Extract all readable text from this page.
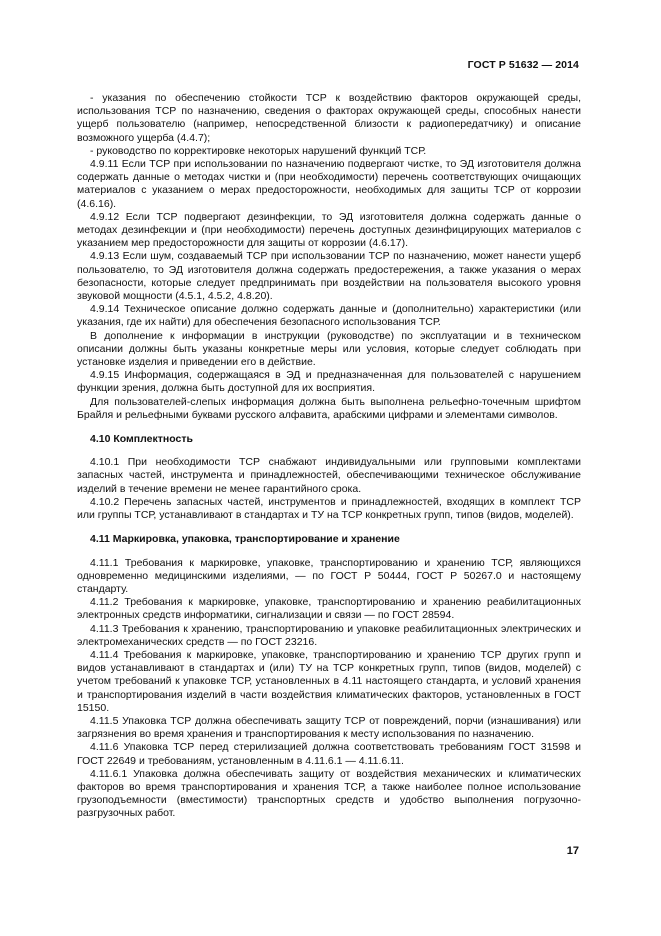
ГОСТ Р 51632 — 2014

- указания по обеспечению стойкости ТСР к воздействию факторов окружающей среды, использования ТСР по назначению, сведения о факторах окружающей среды, способных нанести ущерб пользователю (например, непосредственной близости к радиопередатчику) и описание возможного ущерба (4.4.7);

- руководство по корректировке некоторых нарушений функций ТСР.

4.9.11 Если ТСР при использовании по назначению подвергают чистке, то ЭД изготовителя должна содержать данные о методах чистки и (при необходимости) перечень соответствующих очищающих материалов с указанием о мерах предосторожности, необходимых для защиты ТСР от коррозии (4.6.16).

4.9.12 Если ТСР подвергают дезинфекции, то ЭД изготовителя должна содержать данные о методах дезинфекции и (при необходимости) перечень доступных дезинфицирующих материалов с указанием мер предосторожности для защиты от коррозии (4.6.17).

4.9.13 Если шум, создаваемый ТСР при использовании ТСР по назначению, может нанести ущерб пользователю, то ЭД изготовителя должна содержать предостережения, а также указания о мерах безопасности, которые следует предпринимать при воздействии на пользователя высокого уровня звуковой мощности (4.5.1, 4.5.2, 4.8.20).

4.9.14 Техническое описание должно содержать данные и (дополнительно) характеристики (или указания, где их найти) для обеспечения безопасного использования ТСР.

В дополнение к информации в инструкции (руководстве) по эксплуатации и в техническом описании должны быть указаны конкретные меры или условия, которые следует соблюдать при установке изделия и приведении его в действие.

4.9.15 Информация, содержащаяся в ЭД и предназначенная для пользователей с нарушением функции зрения, должна быть доступной для их восприятия.

Для пользователей-слепых информация должна быть выполнена рельефно-точечным шрифтом Брайля и рельефными буквами русского алфавита, арабскими цифрами и элементами символов.

4.10 Комплектность

4.10.1 При необходимости ТСР снабжают индивидуальными или групповыми комплектами запасных частей, инструмента и принадлежностей, обеспечивающими техническое обслуживание изделий в течение времени не менее гарантийного срока.

4.10.2 Перечень запасных частей, инструментов и принадлежностей, входящих в комплект ТСР или группы ТСР, устанавливают в стандартах и ТУ на ТСР конкретных групп, типов (видов, моделей).

4.11 Маркировка, упаковка, транспортирование и хранение

4.11.1 Требования к маркировке, упаковке, транспортированию и хранению ТСР, являющихся одновременно медицинскими изделиями, — по ГОСТ Р 50444, ГОСТ Р 50267.0 и настоящему стандарту.

4.11.2 Требования к маркировке, упаковке, транспортированию и хранению реабилитационных электронных средств информатики, сигнализации и связи — по ГОСТ 28594.

4.11.3 Требования к хранению, транспортированию и упаковке реабилитационных электрических и электромеханических средств — по ГОСТ 23216.

4.11.4 Требования к маркировке, упаковке, транспортированию и хранению ТСР других групп и видов устанавливают в стандартах и (или) ТУ на ТСР конкретных групп, типов (видов, моделей) с учетом требований к упаковке ТСР, установленных в 4.11 настоящего стандарта, и условий хранения и транспортирования изделий в части воздействия климатических факторов, установленных в ГОСТ 15150.

4.11.5 Упаковка ТСР должна обеспечивать защиту ТСР от повреждений, порчи (изнашивания) или загрязнения во время хранения и транспортирования к месту использования по назначению.

4.11.6 Упаковка ТСР перед стерилизацией должна соответствовать требованиям ГОСТ 31598 и ГОСТ 22649 и требованиям, установленным в 4.11.6.1 — 4.11.6.11.

4.11.6.1 Упаковка должна обеспечивать защиту от воздействия механических и климатических факторов во время транспортирования и хранения ТСР, а также наиболее полное использование грузоподъемности (вместимости) транспортных средств и удобство выполнения погрузочно-разгрузочных работ.

17
